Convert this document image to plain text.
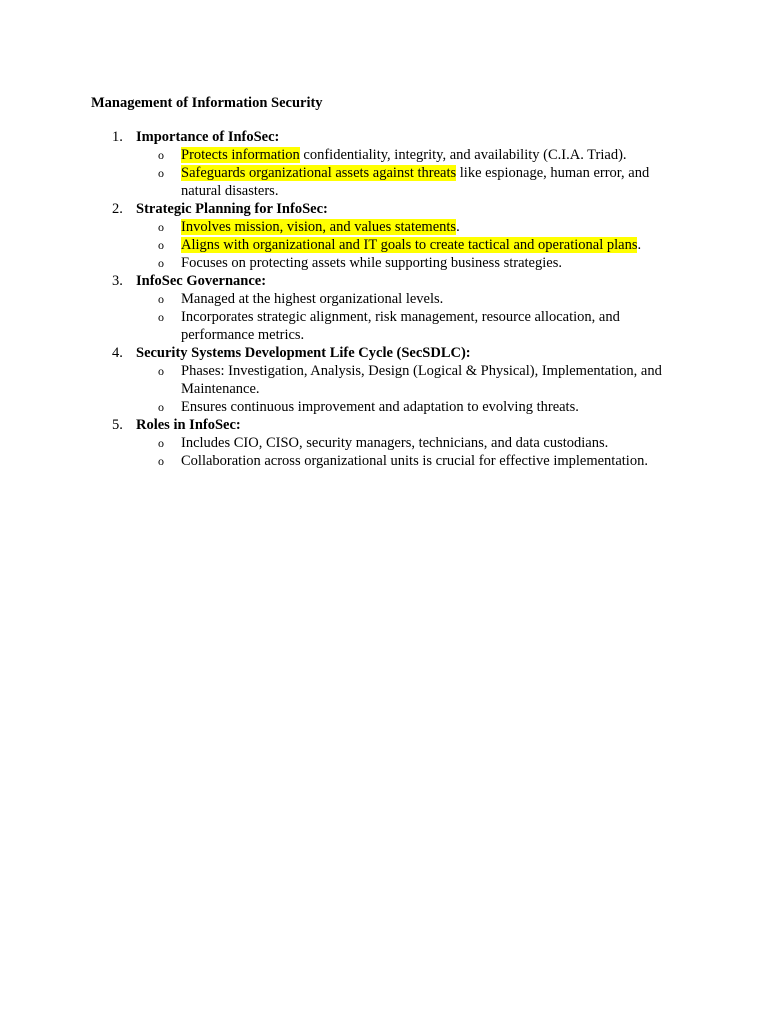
Management of Information Security
1. Importance of InfoSec:
o Protects information confidentiality, integrity, and availability (C.I.A. Triad).
o Safeguards organizational assets against threats like espionage, human error, and natural disasters.
2. Strategic Planning for InfoSec:
o Involves mission, vision, and values statements.
o Aligns with organizational and IT goals to create tactical and operational plans.
o Focuses on protecting assets while supporting business strategies.
3. InfoSec Governance:
o Managed at the highest organizational levels.
o Incorporates strategic alignment, risk management, resource allocation, and performance metrics.
4. Security Systems Development Life Cycle (SecSDLC):
o Phases: Investigation, Analysis, Design (Logical & Physical), Implementation, and Maintenance.
o Ensures continuous improvement and adaptation to evolving threats.
5. Roles in InfoSec:
o Includes CIO, CISO, security managers, technicians, and data custodians.
o Collaboration across organizational units is crucial for effective implementation.
